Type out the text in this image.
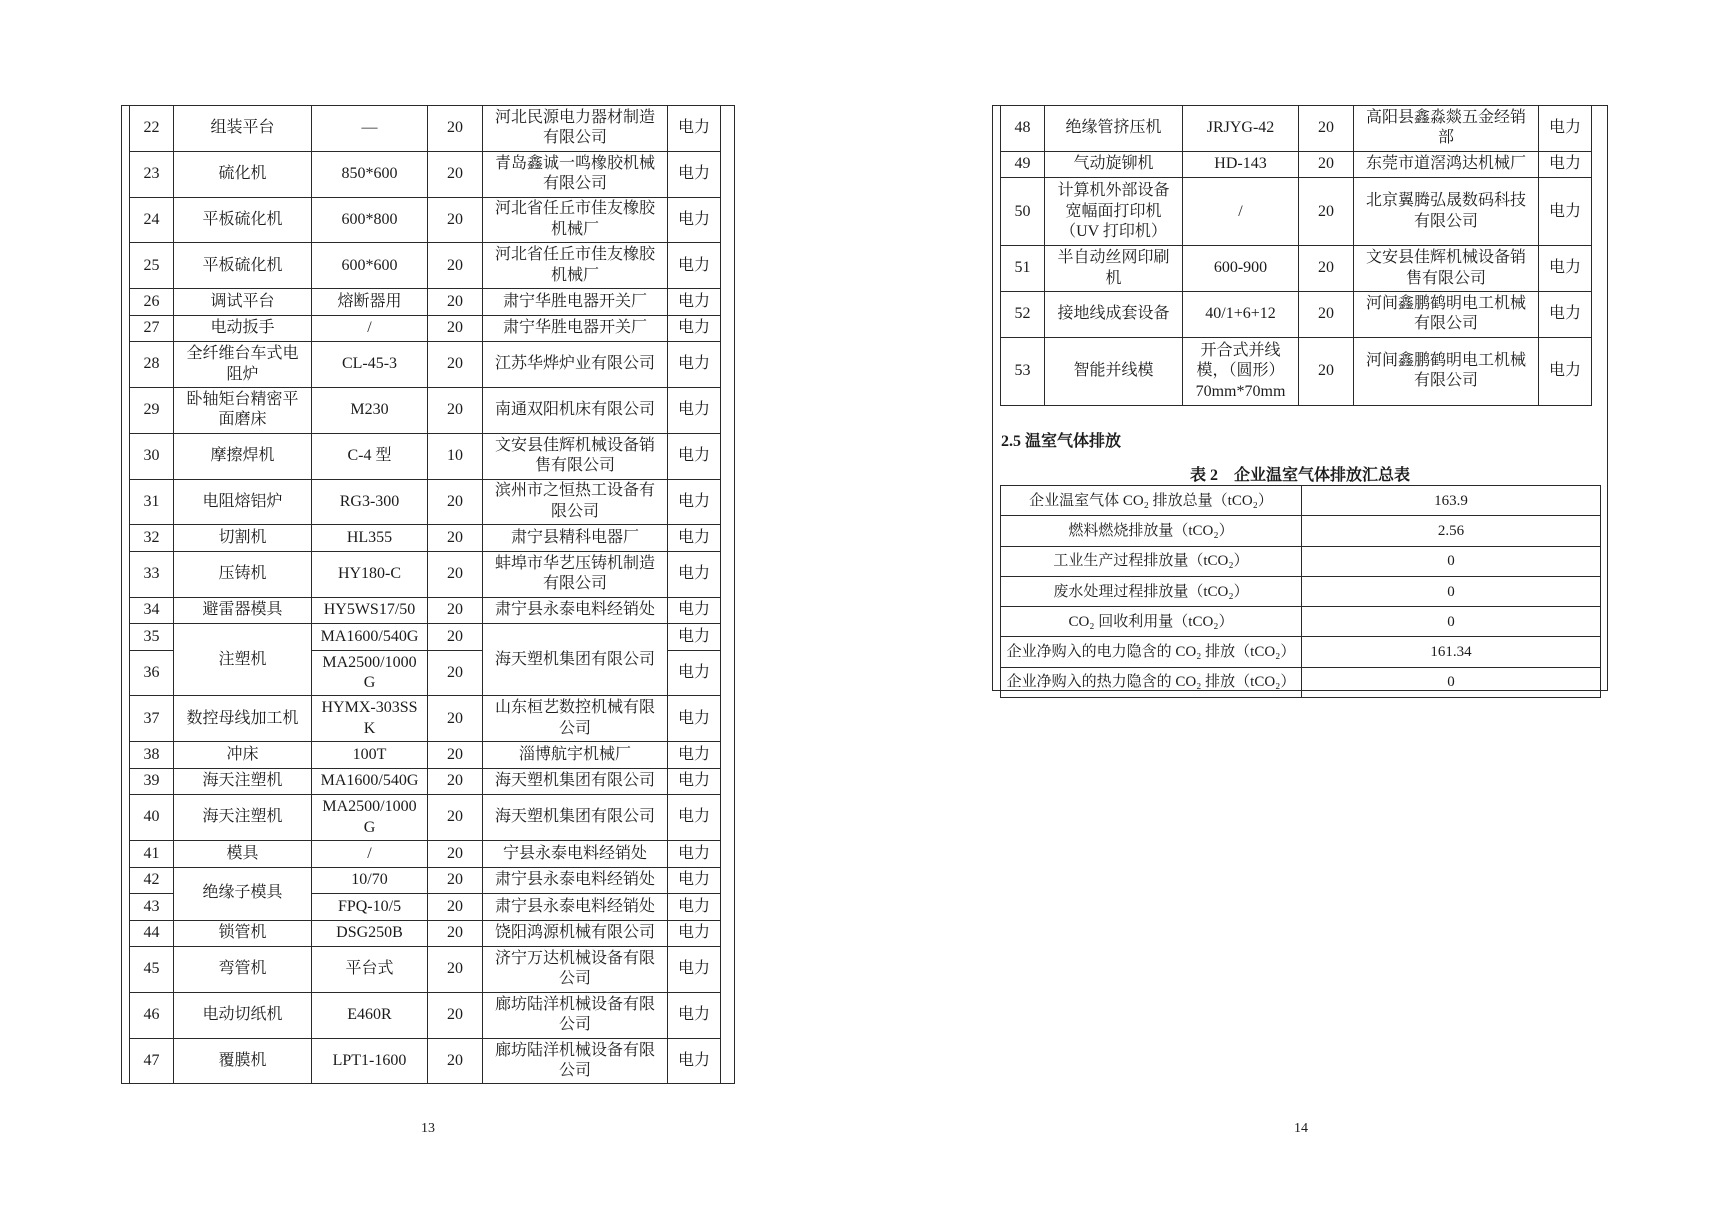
22	组装平台	—	20	河北民源电力器材制造
有限公司	电力
23	硫化机	850*600	20	青岛鑫诚一鸣橡胶机械
有限公司	电力
24	平板硫化机	600*800	20	河北省任丘市佳友橡胶
机械厂	电力
25	平板硫化机	600*600	20	河北省任丘市佳友橡胶
机械厂	电力
26	调试平台	熔断器用	20	肃宁华胜电器开关厂	电力
27	电动扳手	/	20	肃宁华胜电器开关厂	电力
28	全纤维台车式电
阻炉	CL-45-3	20	江苏华烨炉业有限公司	电力
29	卧轴矩台精密平
面磨床	M230	20	南通双阳机床有限公司	电力
30	摩擦焊机	C-4 型	10	文安县佳辉机械设备销
售有限公司	电力
31	电阻熔铝炉	RG3-300	20	滨州市之恒热工设备有
限公司	电力
32	切割机	HL355	20	肃宁县精科电器厂	电力
33	压铸机	HY180-C	20	蚌埠市华艺压铸机制造
有限公司	电力
34	避雷器模具	HY5WS17/50	20	肃宁县永泰电料经销处	电力
35	注塑机	MA1600/540G	20	海天塑机集团有限公司	电力
36		MA2500/1000
G	20		电力
37	数控母线加工机	HYMX-303SS
K	20	山东桓艺数控机械有限
公司	电力
38	冲床	100T	20	淄博航宇机械厂	电力
39	海天注塑机	MA1600/540G	20	海天塑机集团有限公司	电力
40	海天注塑机	MA2500/1000
G	20	海天塑机集团有限公司	电力
41	模具	/	20	宁县永泰电料经销处	电力
42	绝缘子模具	10/70	20	肃宁县永泰电料经销处	电力
43		FPQ-10/5	20	肃宁县永泰电料经销处	电力
44	锁管机	DSG250B	20	饶阳鸿源机械有限公司	电力
45	弯管机	平台式	20	济宁万达机械设备有限
公司	电力
46	电动切纸机	E460R	20	廊坊陆洋机械设备有限
公司	电力
47	覆膜机	LPT1-1600	20	廊坊陆洋机械设备有限
公司	电力
13
48	绝缘管挤压机	JRJYG-42	20	高阳县鑫淼燚五金经销
部	电力
49	气动旋铆机	HD-143	20	东莞市道滘鸿达机械厂	电力
50	计算机外部设备
宽幅面打印机
（UV 打印机）	/	20	北京翼腾弘晟数码科技
有限公司	电力
51	半自动丝网印刷
机	600-900	20	文安县佳辉机械设备销
售有限公司	电力
52	接地线成套设备	40/1+6+12	20	河间鑫鹏鹤明电工机械
有限公司	电力
53	智能并线模	开合式并线
模，（圆形）
70mm*70mm	20	河间鑫鹏鹤明电工机械
有限公司	电力
2.5 温室气体排放
表 2　企业温室气体排放汇总表
企业温室气体 CO₂ 排放总量（tCO₂）	163.9
燃料燃烧排放量（tCO₂）	2.56
工业生产过程排放量（tCO₂）	0
废水处理过程排放量（tCO₂）	0
CO₂ 回收利用量（tCO₂）	0
企业净购入的电力隐含的 CO₂ 排放（tCO₂）	161.34
企业净购入的热力隐含的 CO₂ 排放（tCO₂）	0
14
